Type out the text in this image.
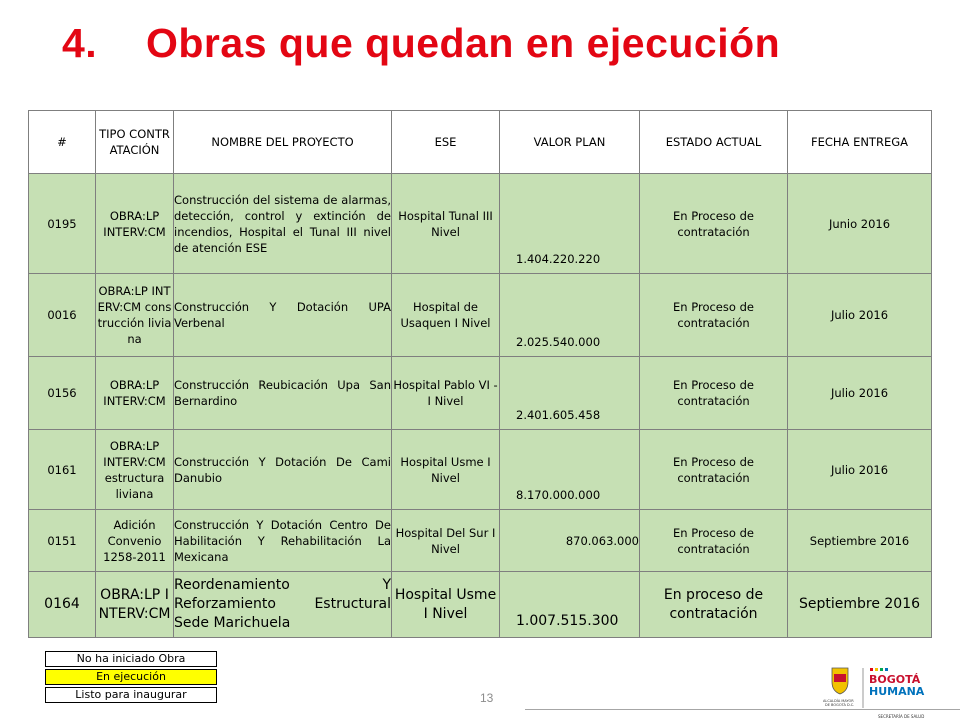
4. Obras que quedan en ejecución
#	TIPO CONTRATACIÓN	NOMBRE DEL PROYECTO	ESE	VALOR PLAN	ESTADO ACTUAL	FECHA ENTREGA
0195	OBRA:LP INTERV:CM	Construcción del sistema de alarmas, detección, control y extinción de incendios, Hospital el Tunal III nivel de atención ESE	Hospital Tunal III Nivel	1.404.220.220	En Proceso de contratación	Junio 2016
0016	OBRA:LP INTERV:CM construcción liviana	Construcción Y Dotación UPA Verbenal	Hospital de Usaquen I Nivel	2.025.540.000	En Proceso de contratación	Julio 2016
0156	OBRA:LP INTERV:CM	Construcción Reubicación Upa San Bernardino	Hospital Pablo VI - I Nivel	2.401.605.458	En Proceso de contratación	Julio 2016
0161	OBRA:LP INTERV:CM estructura liviana	Construcción Y Dotación De Cami Danubio	Hospital Usme I Nivel	8.170.000.000	En Proceso de contratación	Julio 2016
0151	Adición Convenio 1258-2011	Construcción Y Dotación Centro De Habilitación Y Rehabilitación La Mexicana	Hospital Del Sur I Nivel	870.063.000	En Proceso de contratación	Septiembre 2016
0164	OBRA:LP INTERV:CM	Reordenamiento Y Reforzamiento Estructural Sede Marichuela	Hospital Usme I Nivel	1.007.515.300	En proceso de contratación	Septiembre 2016
No ha iniciado Obra
En ejecución
Listo para inaugurar	13	ALCALDÍA MAYOR
DE BOGOTÁ D.C.
BOGOTÁ
HUMANA
SECRETARÍA DE SALUD
